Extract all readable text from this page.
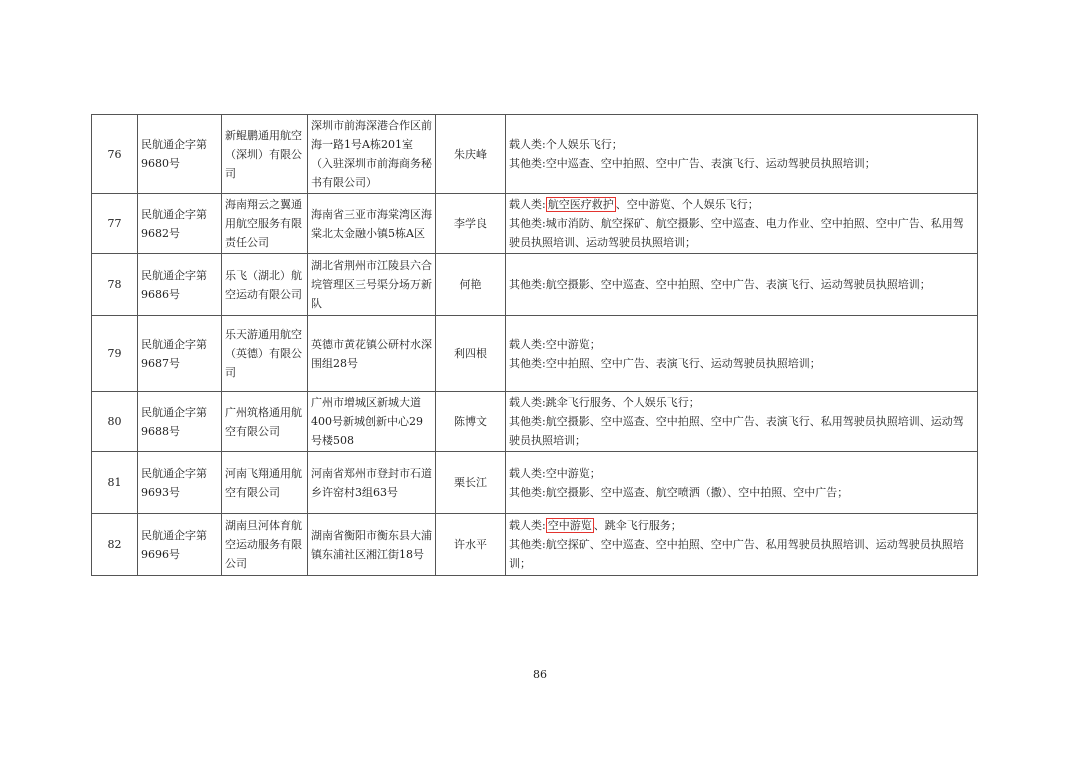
76	民航通企字第9680号	新鲲鹏通用航空（深圳）有限公司	深圳市前海深港合作区前海一路1号A栋201室（入驻深圳市前海商务秘书有限公司）	朱庆峰	载人类:个人娱乐飞行；
其他类:空中巡查、空中拍照、空中广告、表演飞行、运动驾驶员执照培训；

77	民航通企字第9682号	海南翔云之翼通用航空服务有限责任公司	海南省三亚市海棠湾区海棠北太金融小镇5栋A区	李学良	载人类: 航空医疗救护 、空中游览、个人娱乐飞行；
其他类:城市消防、航空探矿、航空摄影、空中巡查、电力作业、空中拍照、空中广告、私用驾驶员执照培训、运动驾驶员执照培训；

78	民航通企字第9686号	乐飞（湖北）航空运动有限公司	湖北省荆州市江陵县六合垸管理区三号渠分场万新队	何艳	其他类:航空摄影、空中巡查、空中拍照、空中广告、表演飞行、运动驾驶员执照培训；

79	民航通企字第9687号	乐天游通用航空（英德）有限公司	英德市黄花镇公研村水深围组28号	利四根	载人类:空中游览；
其他类:空中拍照、空中广告、表演飞行、运动驾驶员执照培训；

80	民航通企字第9688号	广州筑格通用航空有限公司	广州市增城区新城大道400号新城创新中心29号楼508	陈博文	载人类:跳伞飞行服务、个人娱乐飞行；
其他类:航空摄影、空中巡查、空中拍照、空中广告、表演飞行、私用驾驶员执照培训、运动驾驶员执照培训；

81	民航通企字第9693号	河南飞翔通用航空有限公司	河南省郑州市登封市石道乡许窑村3组63号	栗长江	载人类:空中游览；
其他类:航空摄影、空中巡查、航空喷洒（撒）、空中拍照、空中广告；

82	民航通企字第9696号	湖南旦河体育航空运动服务有限公司	湖南省衡阳市衡东县大浦镇东浦社区湘江街18号	许水平	载人类: 空中游览 、跳伞飞行服务；
其他类:航空探矿、空中巡查、空中拍照、空中广告、私用驾驶员执照培训、运动驾驶员执照培训；
86
